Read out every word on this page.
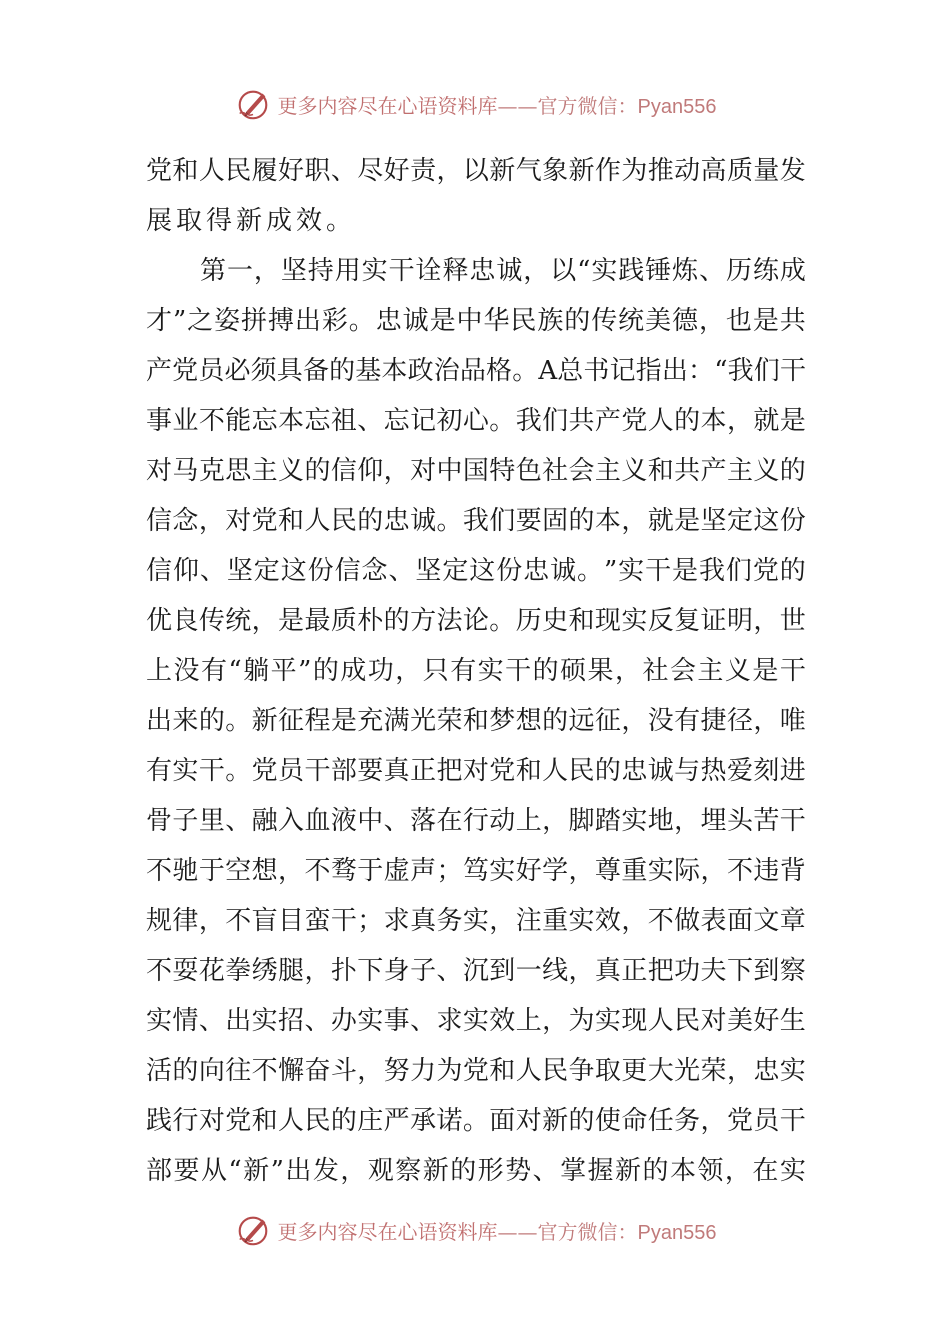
更多内容尽在心语资料库——官方微信：Pyan556
党 和 人 民 履 好 职 、 尽 好 责 ， 以 新 气 象 新 作 为 推 动 高 质 量 发
展取得新成效。
第 一 ， 坚 持 用 实 干 诠 释 忠 诚 ， 以 “ 实 践 锤 炼 、 历 练 成
才 ” 之 姿 拼 搏 出 彩 。 忠 诚 是 中 华 民 族 的 传 统 美 德 ， 也 是 共
产 党 员 必 须 具 备 的 基 本 政 治 品 格 。 A 总 书 记 指 出 ： “ 我 们 干
事 业 不 能 忘 本 忘 祖 、 忘 记 初 心 。 我 们 共 产 党 人 的 本 ， 就 是
对 马 克 思 主 义 的 信 仰 ， 对 中 国 特 色 社 会 主 义 和 共 产 主 义 的
信 念 ， 对 党 和 人 民 的 忠 诚 。 我 们 要 固 的 本 ， 就 是 坚 定 这 份
信 仰 、 坚 定 这 份 信 念 、 坚 定 这 份 忠 诚 。 ” 实 干 是 我 们 党 的
优 良 传 统 ， 是 最 质 朴 的 方 法 论 。 历 史 和 现 实 反 复 证 明 ， 世
上 没 有 “ 躺 平 ” 的 成 功 ， 只 有 实 干 的 硕 果 ， 社 会 主 义 是 干
出 来 的 。 新 征 程 是 充 满 光 荣 和 梦 想 的 远 征 ， 没 有 捷 径 ， 唯
有 实 干 。 党 员 干 部 要 真 正 把 对 党 和 人 民 的 忠 诚 与 热 爱 刻 进
骨 子 里 、 融 入 血 液 中 、 落 在 行 动 上 ， 脚 踏 实 地 ， 埋 头 苦 干
不 驰 于 空 想 ， 不 骛 于 虚 声 ； 笃 实 好 学 ， 尊 重 实 际 ， 不 违 背
规 律 ， 不 盲 目 蛮 干 ； 求 真 务 实 ， 注 重 实 效 ， 不 做 表 面 文 章
不 耍 花 拳 绣 腿 ， 扑 下 身 子 、 沉 到 一 线 ， 真 正 把 功 夫 下 到 察
实 情 、 出 实 招 、 办 实 事 、 求 实 效 上 ， 为 实 现 人 民 对 美 好 生
活 的 向 往 不 懈 奋 斗 ， 努 力 为 党 和 人 民 争 取 更 大 光 荣 ， 忠 实
践 行 对 党 和 人 民 的 庄 严 承 诺 。 面 对 新 的 使 命 任 务 ， 党 员 干
部 要 从 “ 新 ” 出 发 ， 观 察 新 的 形 势 、 掌 握 新 的 本 领 ， 在 实
更多内容尽在心语资料库——官方微信：Pyan556
